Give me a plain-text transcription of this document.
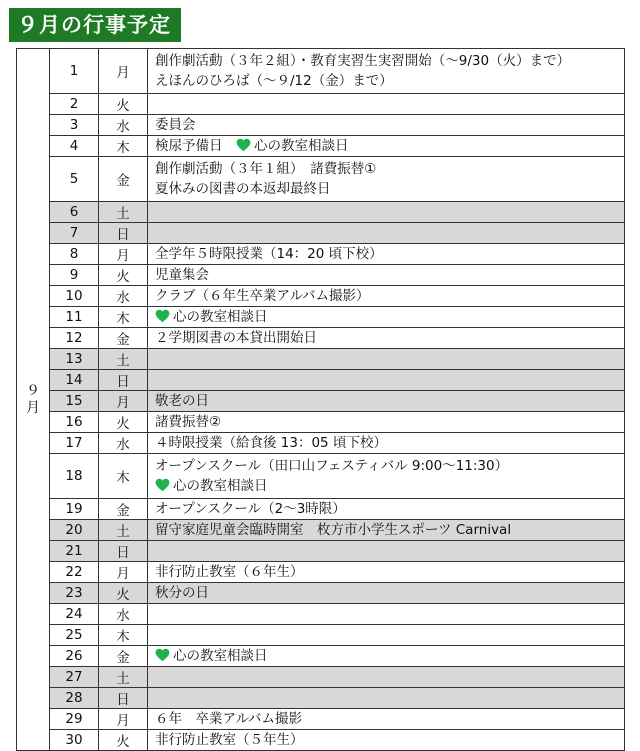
９月の行事予定
９
月	1	月	創作劇活動（３年２組）・教育実習生実習開始（～9/30（火）まで）
えほんのひろば（～９/12（金）まで）

	2	火	
	3	水	委員会

	4	木	検尿予備日  心の教室相談日

	5	金	創作劇活動（３年１組）　諸費振替①
夏休みの図書の本返却最終日

	6	土	
	7	日	
	8	月	全学年５時限授業（14：20 頃下校）

	9	火	児童集会

	10	水	クラブ（６年生卒業アルバム撮影）

	11	木	心の教室相談日

	12	金	２学期図書の本貸出開始日

	13	土	
	14	日	
	15	月	敬老の日

	16	火	諸費振替②

	17	水	４時限授業（給食後 13：05 頃下校）

	18	木	オープンスクール（田口山フェスティバル 9:00～11:30）
心の教室相談日

	19	金	オープンスクール（2～3時限）

	20	土	留守家庭児童会臨時開室　枚方市小学生スポーツ Carnival

	21	日	
	22	月	非行防止教室（６年生）

	23	火	秋分の日

	24	水	
	25	木	
	26	金	心の教室相談日

	27	土	
	28	日	
	29	月	６年　卒業アルバム撮影

	30	火	非行防止教室（５年生）
